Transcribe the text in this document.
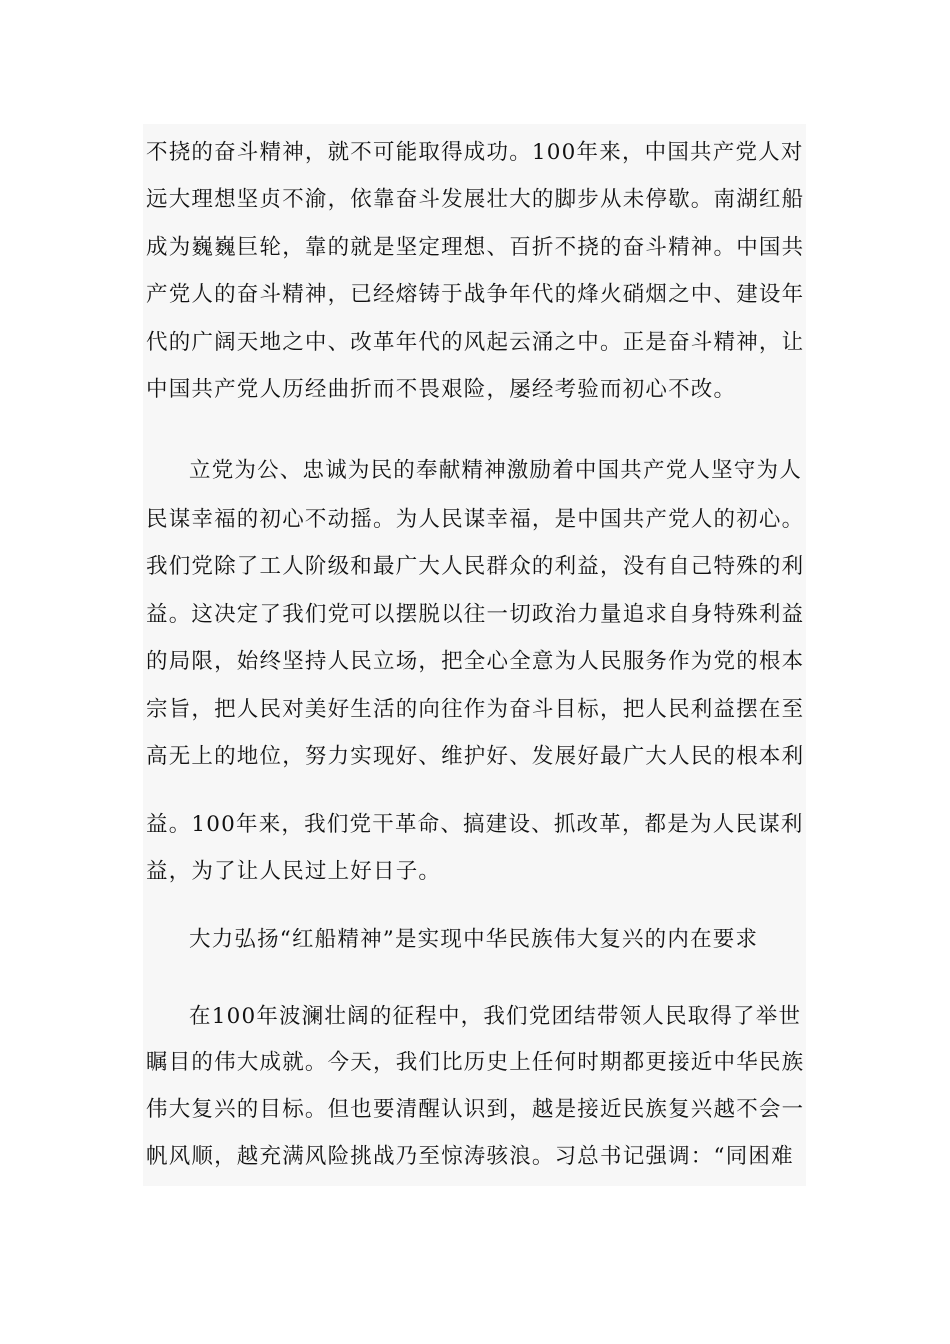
不挠的奋斗精神，就不可能取得成功。100年来，中国共产党人对
远大理想坚贞不渝，依靠奋斗发展壮大的脚步从未停歇。南湖红船
成为巍巍巨轮，靠的就是坚定理想、百折不挠的奋斗精神。中国共
产党人的奋斗精神，已经熔铸于战争年代的烽火硝烟之中、建设年
代的广阔天地之中、改革年代的风起云涌之中。正是奋斗精神，让
中国共产党人历经曲折而不畏艰险，屡经考验而初心不改。
立党为公、忠诚为民的奉献精神激励着中国共产党人坚守为人
民谋幸福的初心不动摇。为人民谋幸福，是中国共产党人的初心。
我们党除了工人阶级和最广大人民群众的利益，没有自己特殊的利
益。这决定了我们党可以摆脱以往一切政治力量追求自身特殊利益
的局限，始终坚持人民立场，把全心全意为人民服务作为党的根本
宗旨，把人民对美好生活的向往作为奋斗目标，把人民利益摆在至
高无上的地位，努力实现好、维护好、发展好最广大人民的根本利
益。100年来，我们党干革命、搞建设、抓改革，都是为人民谋利
益，为了让人民过上好日子。
大力弘扬“红船精神”是实现中华民族伟大复兴的内在要求
在100年波澜壮阔的征程中，我们党团结带领人民取得了举世
瞩目的伟大成就。今天，我们比历史上任何时期都更接近中华民族
伟大复兴的目标。但也要清醒认识到，越是接近民族复兴越不会一
帆风顺，越充满风险挑战乃至惊涛骇浪。习总书记强调：“同困难
